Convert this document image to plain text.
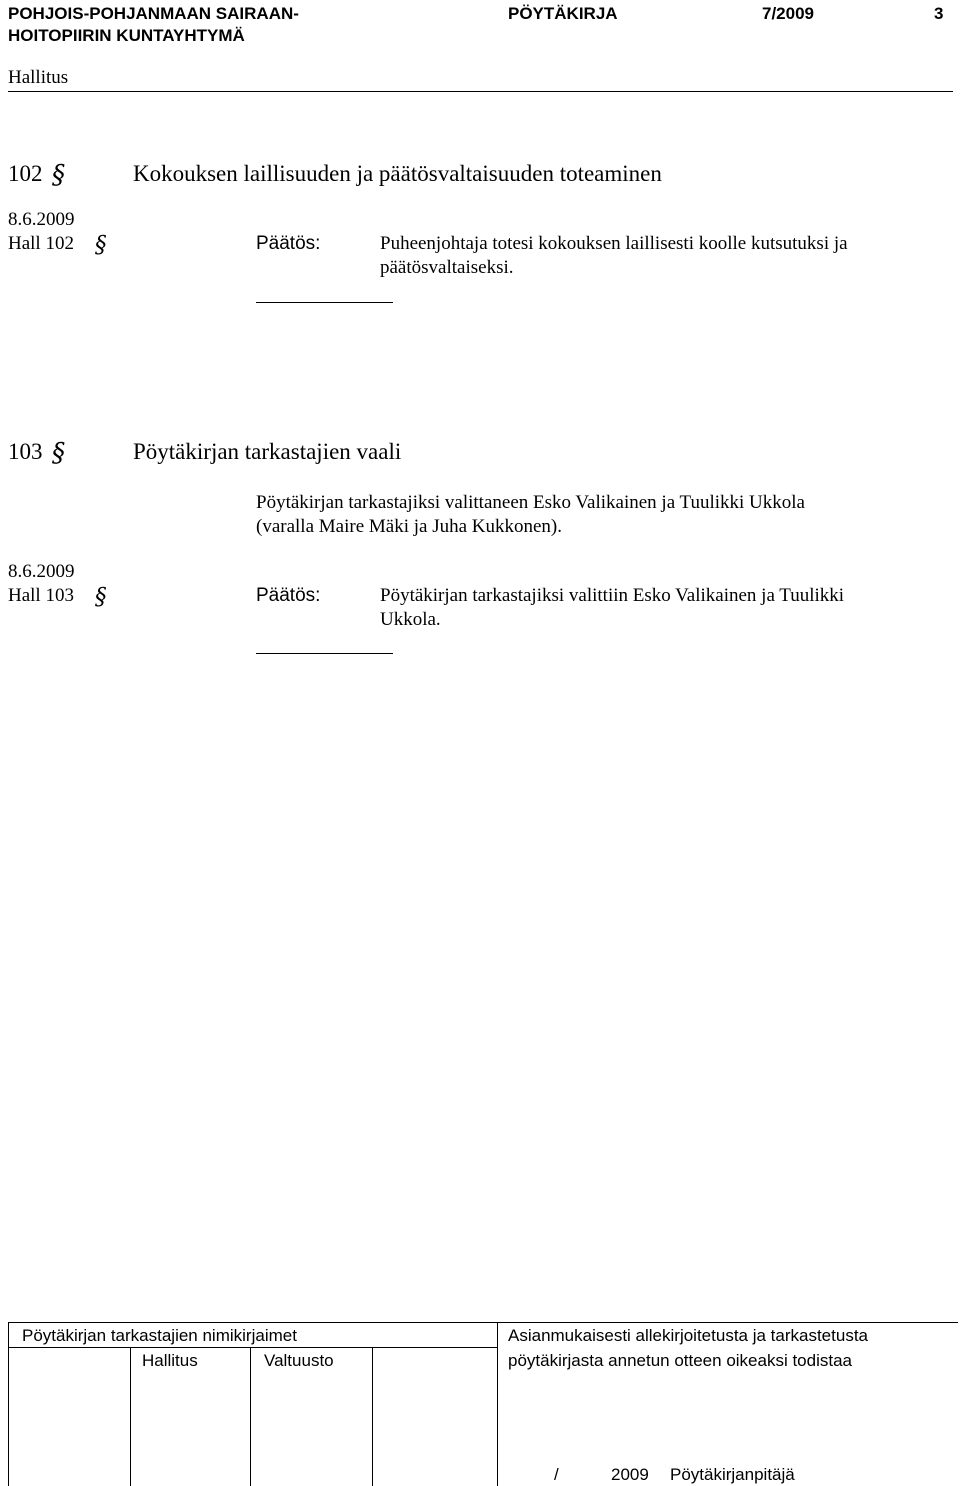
POHJOIS-POHJANMAAN SAIRAAN-
HOITOPIIRIN KUNTAYHTYMÄ
PÖYTÄKIRJA	7/2009	3
Hallitus
102 §	Kokouksen laillisuuden ja päätösvaltaisuuden toteaminen
8.6.2009
Hall 102 §	Päätös:	Puheenjohtaja totesi kokouksen laillisesti koolle kutsutuksi ja
päätösvaltaiseksi.
103 §	Pöytäkirjan tarkastajien vaali
Pöytäkirjan tarkastajiksi valittaneen Esko Valikainen ja Tuulikki Ukkola
(varalla Maire Mäki ja Juha Kukkonen).
8.6.2009
Hall 103 §	Päätös:	Pöytäkirjan tarkastajiksi valittiin Esko Valikainen ja Tuulikki
Ukkola.
Pöytäkirjan tarkastajien nimikirjaimet
Hallitus	Valtuusto
Asianmukaisesti allekirjoitetusta ja tarkastetusta
pöytäkirjasta annetun otteen oikeaksi todistaa
/	2009 Pöytäkirjanpitäjä
